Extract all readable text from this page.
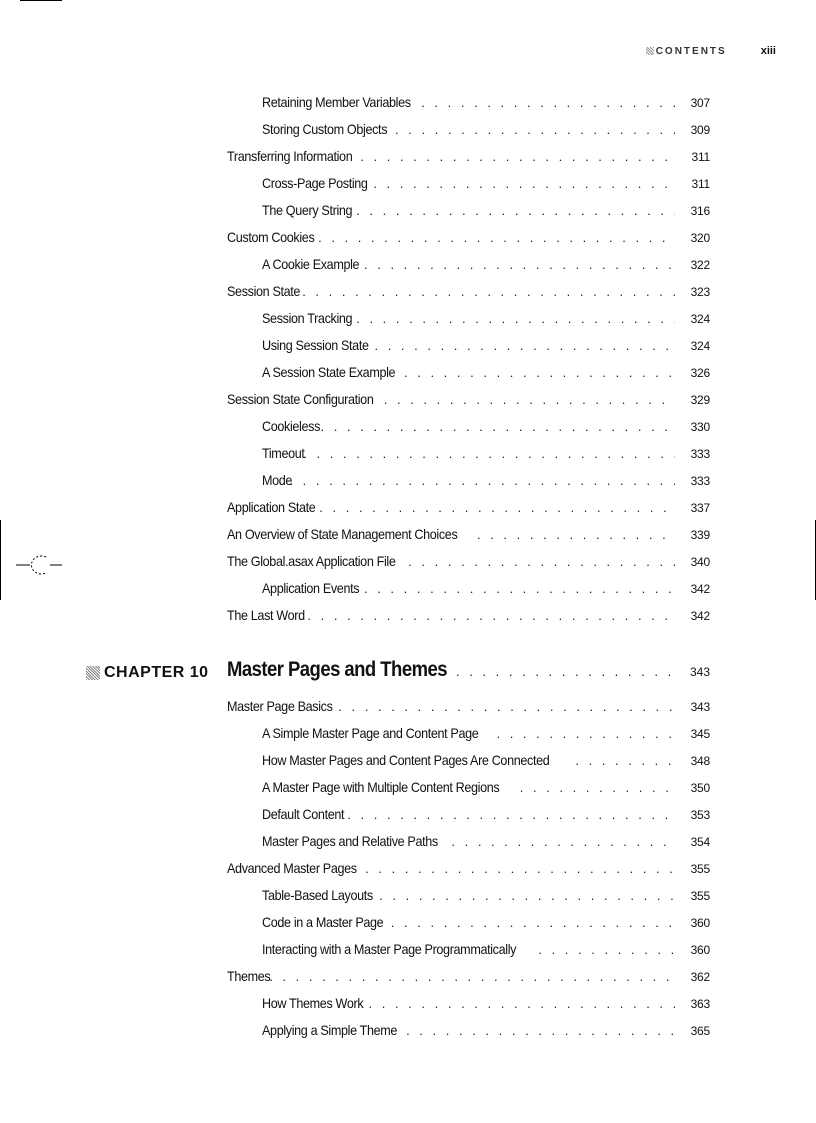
CONTENTS	xiii
Retaining Member Variables . . .	307
Storing Custom Objects . . .	309
Transferring Information . . .	311
Cross-Page Posting . . .	311
The Query String . . .	316
Custom Cookies . . .	320
A Cookie Example . . .	322
Session State . . .	323
Session Tracking . . .	324
Using Session State . . .	324
A Session State Example . . .	326
Session State Configuration . . .	329
Cookieless . . .	330
Timeout . . .	333
Mode . . .	333
Application State . . .	337
An Overview of State Management Choices . . .	339
The Global.asax Application File . . .	340
Application Events . . .	342
The Last Word . . .	342
CHAPTER 10 Master Pages and Themes . . .	343
Master Page Basics . . .	343
A Simple Master Page and Content Page . . .	345
How Master Pages and Content Pages Are Connected . . .	348
A Master Page with Multiple Content Regions . . .	350
Default Content . . .	353
Master Pages and Relative Paths . . .	354
Advanced Master Pages . . .	355
Table-Based Layouts . . .	355
Code in a Master Page . . .	360
Interacting with a Master Page Programmatically . . .	360
Themes . . .	362
How Themes Work . . .	363
Applying a Simple Theme . . .	365
